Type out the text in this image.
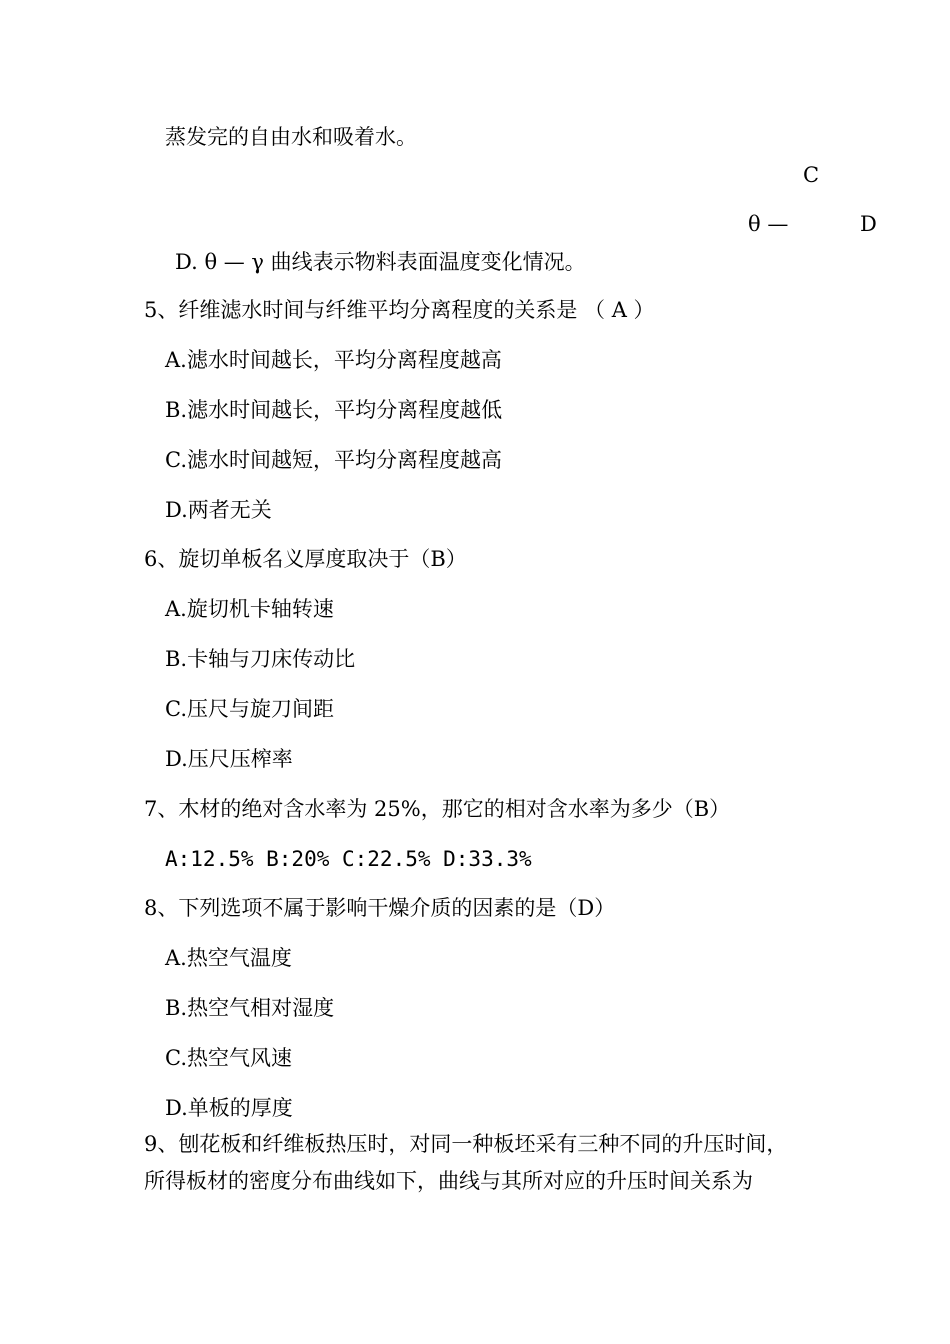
蒸发完的自由水和吸着水。
C
θ —	D
D. θ — γ 曲线表示物料表面温度变化情况。
5、纤维滤水时间与纤维平均分离程度的关系是 （ A ）
A.滤水时间越长，平均分离程度越高
B.滤水时间越长，平均分离程度越低
C.滤水时间越短，平均分离程度越高
D.两者无关
6、旋切单板名义厚度取决于（B）
A.旋切机卡轴转速
B.卡轴与刀床传动比
C.压尺与旋刀间距
D.压尺压榨率
7、木材的绝对含水率为 25%，那它的相对含水率为多少（B）
A:12.5% B:20% C:22.5% D:33.3%
8、下列选项不属于影响干燥介质的因素的是（D）
A.热空气温度
B.热空气相对湿度
C.热空气风速
D.单板的厚度
9、刨花板和纤维板热压时，对同一种板坯采有三种不同的升压时间，
所得板材的密度分布曲线如下，曲线与其所对应的升压时间关系为
